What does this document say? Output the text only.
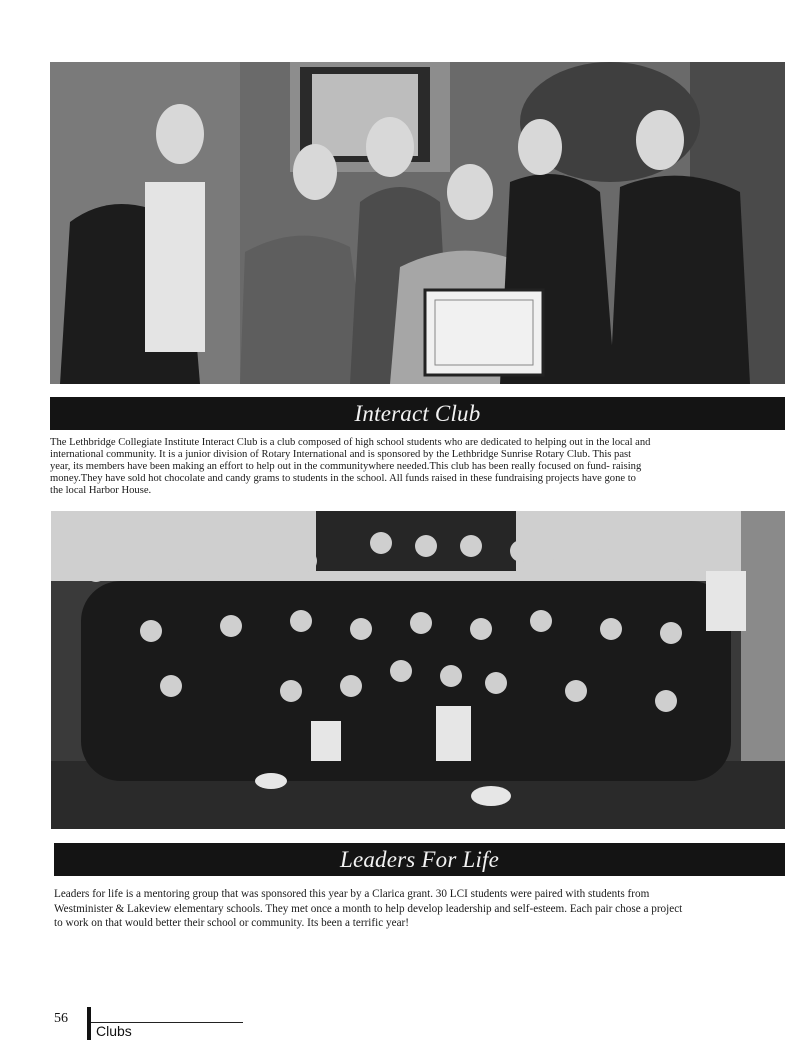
Interact Club
The Lethbridge Collegiate Institute Interact Club is a club composed of high school students who are dedicated to helping out in the local and
international community. It is a junior division of Rotary International and is sponsored by the Lethbridge Sunrise Rotary Club. This past
year, its members have been making an effort to help out in the communitywhere needed.This club has been really focused on fund- raising
money.They have sold hot chocolate and candy grams to students in the school. All funds raised in these fundraising projects have gone to
the local Harbor House.
Leaders For Life
Leaders for life is a mentoring group that was sponsored this year by a Clarica grant. 30 LCI students were paired with students from
Westminister & Lakeview elementary schools. They met once a month to help develop leadership and self-esteem. Each pair chose a project
to work on that would better their school or community. Its been a terrific year!
56
Clubs
